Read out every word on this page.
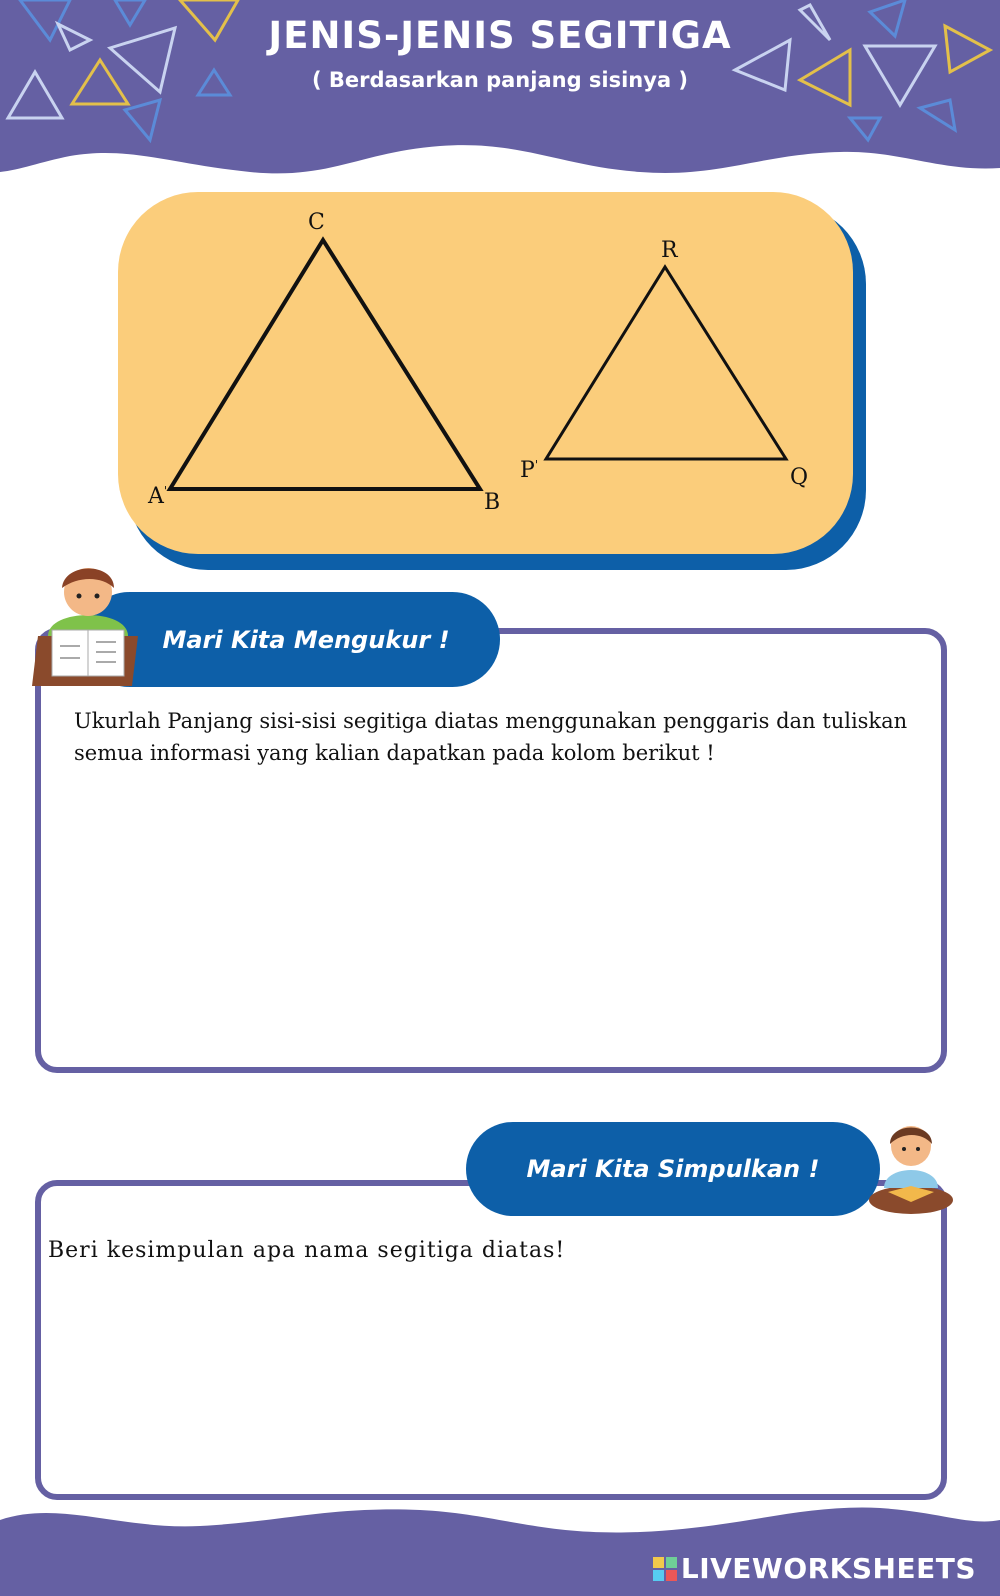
JENIS-JENIS SEGITIGA
( Berdasarkan panjang sisinya )
A'	B
C
P'	Q
R
Mari Kita Mengukur !
Ukurlah Panjang sisi-sisi segitiga diatas menggunakan penggaris dan tuliskan semua informasi yang kalian dapatkan pada kolom berikut !
Mari Kita Simpulkan !
Beri kesimpulan apa nama segitiga diatas!
LIVEWORKSHEETS
